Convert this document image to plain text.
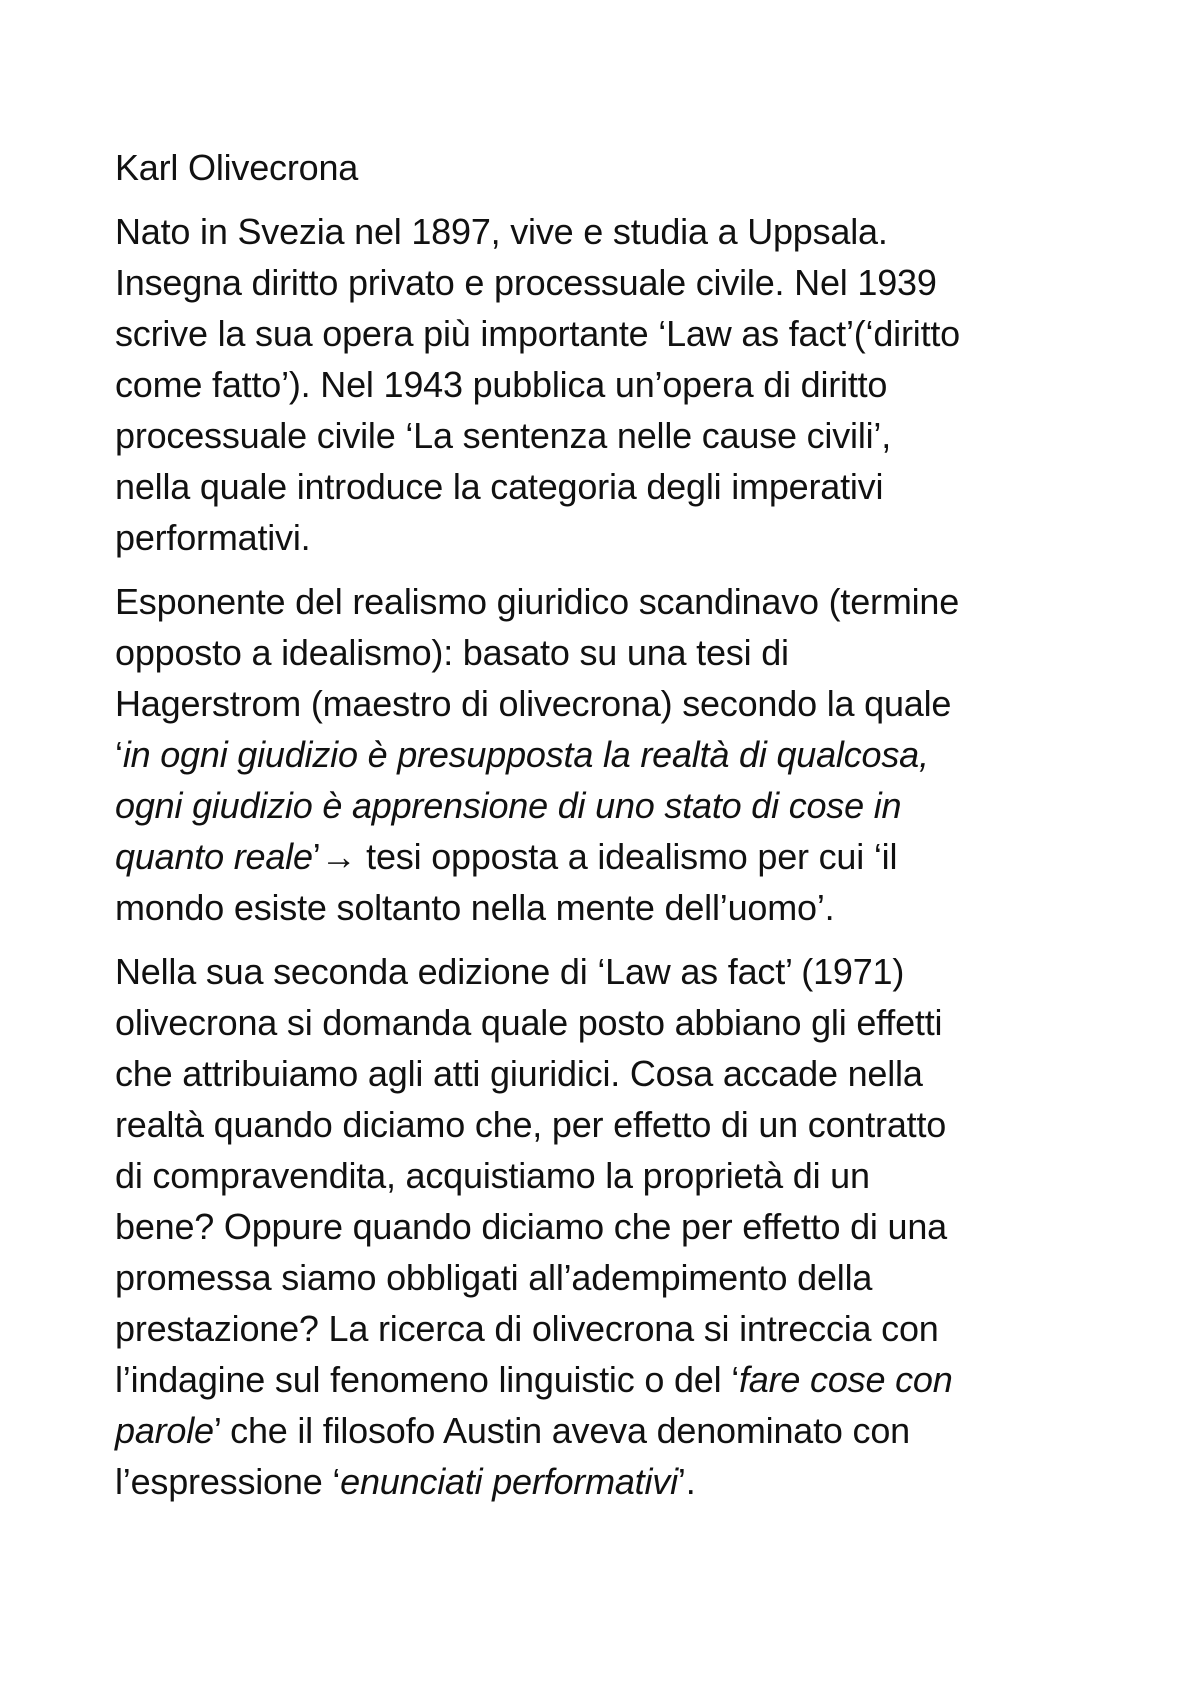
Karl Olivecrona
Nato in Svezia nel 1897, vive e studia a Uppsala.
Insegna diritto privato e processuale civile. Nel 1939
scrive la sua opera più importante ‘Law as fact’(‘diritto
come fatto’). Nel 1943 pubblica un’opera di diritto
processuale civile ‘La sentenza nelle cause civili’,
nella quale introduce la categoria degli imperativi
performativi.
Esponente del realismo giuridico scandinavo (termine
opposto a idealismo): basato su una tesi di
Hagerstrom (maestro di olivecrona) secondo la quale
‘in ogni giudizio è presupposta la realtà di qualcosa,
ogni giudizio è apprensione di uno stato di cose in
quanto reale’→ tesi opposta a idealismo per cui ‘il
mondo esiste soltanto nella mente dell’uomo’.
Nella sua seconda edizione di ‘Law as fact’ (1971)
olivecrona si domanda quale posto abbiano gli effetti
che attribuiamo agli atti giuridici. Cosa accade nella
realtà quando diciamo che, per effetto di un contratto
di compravendita, acquistiamo la proprietà di un
bene? Oppure quando diciamo che per effetto di una
promessa siamo obbligati all’adempimento della
prestazione? La ricerca di olivecrona si intreccia con
l’indagine sul fenomeno linguistic o del ‘fare cose con
parole’ che il filosofo Austin aveva denominato con
l’espressione ‘enunciati performativi’.
